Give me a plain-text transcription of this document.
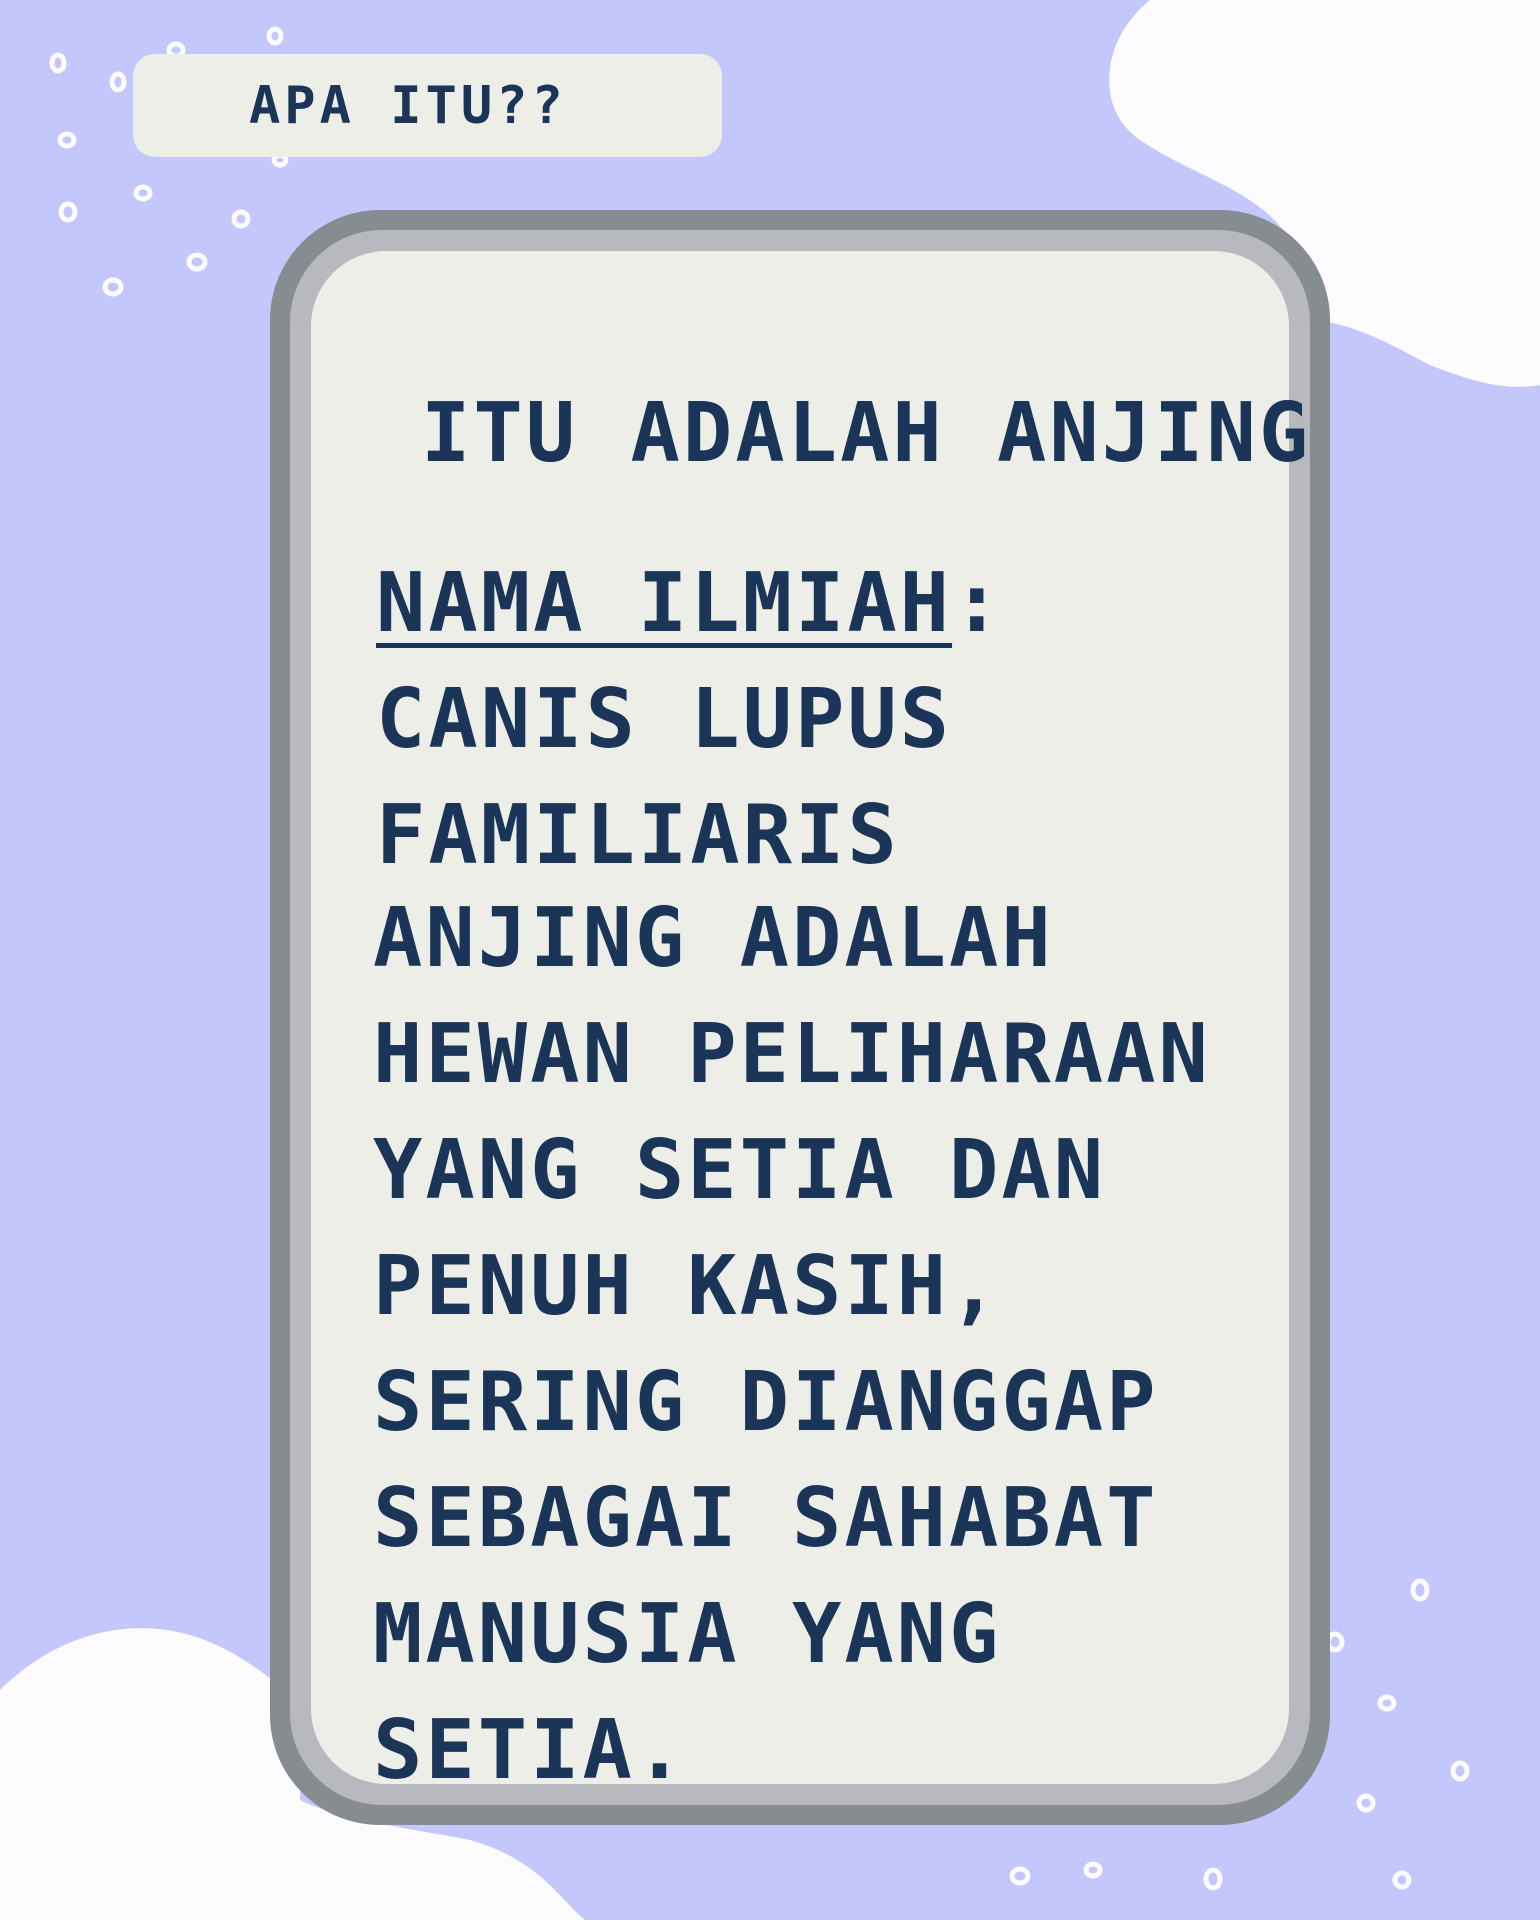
APA ITU??
ITU ADALAH ANJING
NAMA ILMIAH: CANIS LUPUS FAMILIARIS
ANJING ADALAH HEWAN PELIHARAAN YANG SETIA DAN PENUH KASIH, SERING DIANGGAP SEBAGAI SAHABAT MANUSIA YANG SETIA.
